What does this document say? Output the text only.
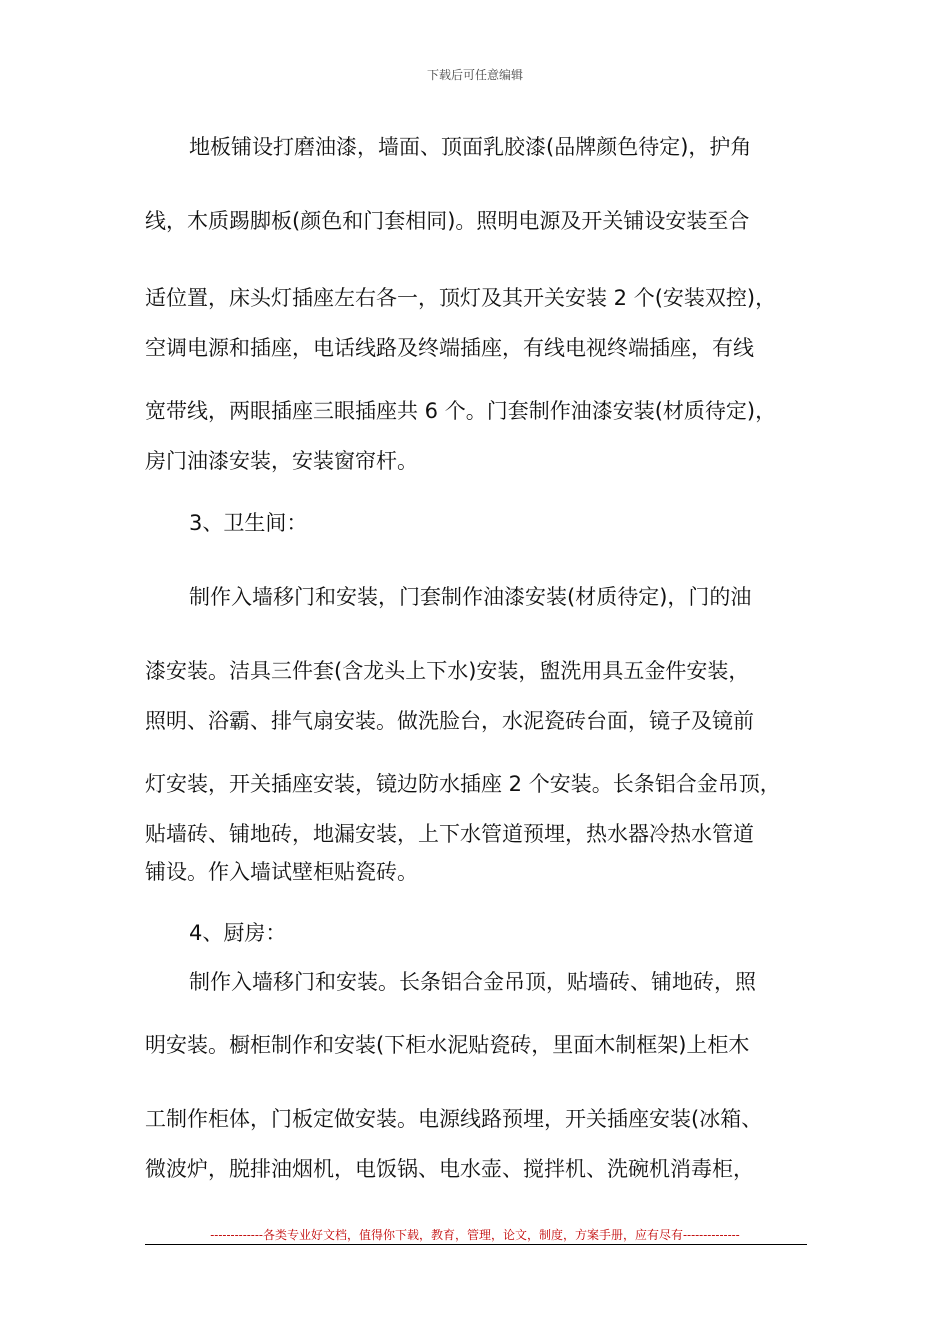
下载后可任意编辑
地板铺设打磨油漆，墙面、顶面乳胶漆(品牌颜色待定)，护角
线，木质踢脚板(颜色和门套相同)。照明电源及开关铺设安装至合
适位置，床头灯插座左右各一，顶灯及其开关安装 2 个(安装双控)，
空调电源和插座，电话线路及终端插座，有线电视终端插座，有线
宽带线，两眼插座三眼插座共 6 个。门套制作油漆安装(材质待定)，
房门油漆安装，安装窗帘杆。
3、卫生间：
制作入墙移门和安装，门套制作油漆安装(材质待定)，门的油
漆安装。洁具三件套(含龙头上下水)安装，盥洗用具五金件安装，
照明、浴霸、排气扇安装。做洗脸台，水泥瓷砖台面，镜子及镜前
灯安装，开关插座安装，镜边防水插座 2 个安装。长条铝合金吊顶，
贴墙砖、铺地砖，地漏安装，上下水管道预埋，热水器冷热水管道
铺设。作入墙试壁柜贴瓷砖。
4、厨房：
制作入墙移门和安装。长条铝合金吊顶，贴墙砖、铺地砖，照
明安装。橱柜制作和安装(下柜水泥贴瓷砖，里面木制框架)上柜木
工制作柜体，门板定做安装。电源线路预埋，开关插座安装(冰箱、
微波炉，脱排油烟机，电饭锅、电水壶、搅拌机、洗碗机消毒柜，
-------------各类专业好文档，值得你下载，教育，管理，论文，制度，方案手册，应有尽有--------------
